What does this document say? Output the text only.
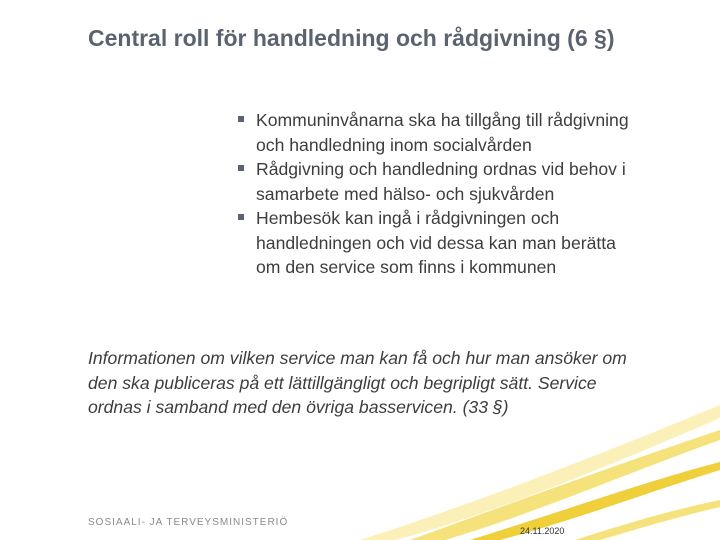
Central roll för handledning och rådgivning (6 §)
Kommuninvånarna ska ha tillgång till rådgivning och handledning inom socialvården
Rådgivning och handledning ordnas vid behov i samarbete med hälso- och sjukvården
Hembesök kan ingå i rådgivningen och handledningen och vid dessa kan man berätta om den service som finns i kommunen

Informationen om vilken service man kan få och hur man ansöker om den ska publiceras på ett lättillgängligt och begripligt sätt. Service ordnas i samband med den övriga basservicen. (33 §)

SOSIAALI- JA TERVEYSMINISTERIÖ
24.11.2020
